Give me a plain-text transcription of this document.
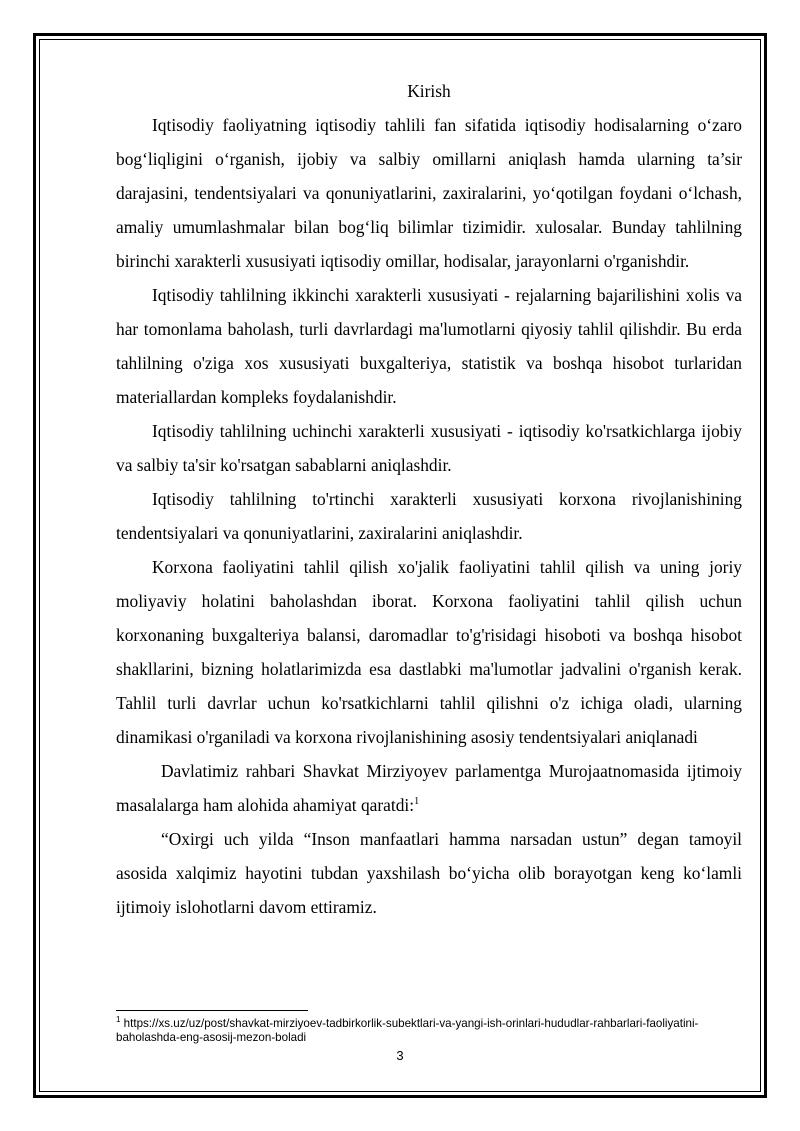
Kirish

Iqtisodiy faoliyatning iqtisodiy tahlili fan sifatida iqtisodiy hodisalarning o‘zaro bog‘liqligini o‘rganish, ijobiy va salbiy omillarni aniqlash hamda ularning ta’sir darajasini, tendentsiyalari va qonuniyatlarini, zaxiralarini, yo‘qotilgan foydani o‘lchash, amaliy umumlashmalar bilan bog‘liq bilimlar tizimidir. xulosalar. Bunday tahlilning birinchi xarakterli xususiyati iqtisodiy omillar, hodisalar, jarayonlarni o'rganishdir.

Iqtisodiy tahlilning ikkinchi xarakterli xususiyati - rejalarning bajarilishini xolis va har tomonlama baholash, turli davrlardagi ma'lumotlarni qiyosiy tahlil qilishdir. Bu erda tahlilning o'ziga xos xususiyati buxgalteriya, statistik va boshqa hisobot turlaridan materiallardan kompleks foydalanishdir.

Iqtisodiy tahlilning uchinchi xarakterli xususiyati - iqtisodiy ko'rsatkichlarga ijobiy va salbiy ta'sir ko'rsatgan sabablarni aniqlashdir.

Iqtisodiy tahlilning to'rtinchi xarakterli xususiyati korxona rivojlanishining tendentsiyalari va qonuniyatlarini, zaxiralarini aniqlashdir.

Korxona faoliyatini tahlil qilish xo'jalik faoliyatini tahlil qilish va uning joriy moliyaviy holatini baholashdan iborat. Korxona faoliyatini tahlil qilish uchun korxonaning buxgalteriya balansi, daromadlar to'g'risidagi hisoboti va boshqa hisobot shakllarini, bizning holatlarimizda esa dastlabki ma'lumotlar jadvalini o'rganish kerak. Tahlil turli davrlar uchun ko'rsatkichlarni tahlil qilishni o'z ichiga oladi, ularning dinamikasi o'rganiladi va korxona rivojlanishining asosiy tendentsiyalari aniqlanadi

Davlatimiz rahbari Shavkat Mirziyoyev parlamentga Murojaatnomasida ijtimoiy masalalarga ham alohida ahamiyat qaratdi:$^1$

“Oxirgi uch yilda “Inson manfaatlari hamma narsadan ustun” degan tamoyil asosida xalqimiz hayotini tubdan yaxshilash bo‘yicha olib borayotgan keng ko‘lamli ijtimoiy islohotlarni davom ettiramiz.

$^1$ https://xs.uz/uz/post/shavkat-mirziyoev-tadbirkorlik-subektlari-va-yangi-ish-orinlari-hududlar-rahbarlari-faoliyatini-baholashda-eng-asosij-mezon-boladi
3
